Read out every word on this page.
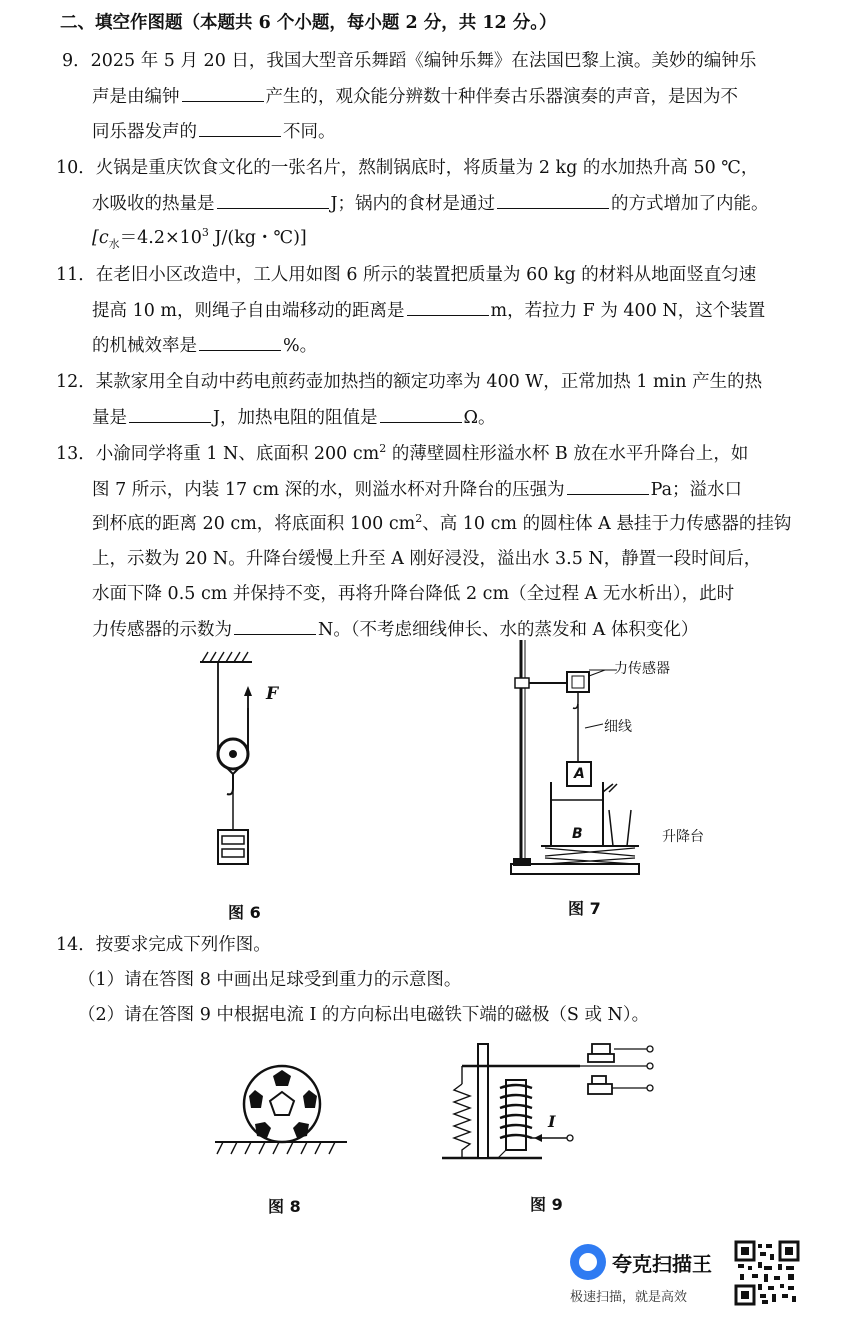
二、填空作图题（本题共 6 个小题，每小题 2 分，共 12 分。）
9．2025 年 5 月 20 日，我国大型音乐舞蹈《编钟乐舞》在法国巴黎上演。美妙的编钟乐
声是由编钟	产生的，观众能分辨数十种伴奏古乐器演奏的声音，是因为不
同乐器发声的	不同。
10．火锅是重庆饮食文化的一张名片，熬制锅底时，将质量为 2 kg 的水加热升高 50 ℃，
水吸收的热量是	J；锅内的食材是通过	的方式增加了内能。
[$c_水=4.2\times 10^3$ J/(kg・℃)]
11．在老旧小区改造中，工人用如图 6 所示的装置把质量为 60 kg 的材料从地面竖直匀速
提高 10 m，则绳子自由端移动的距离是	m，若拉力 F 为 400 N，这个装置
的机械效率是	%。
12．某款家用全自动中药电煎药壶加热挡的额定功率为 400 W，正常加热 1 min 产生的热
量是	J，加热电阻的阻值是	Ω。
13．小渝同学将重 1 N、底面积 200 $cm^2$ 的薄壁圆柱形溢水杯 B 放在水平升降台上，如
图 7 所示，内装 17 cm 深的水，则溢水杯对升降台的压强为	Pa；溢水口
到杯底的距离 20 cm，将底面积 100 $cm^2$、高 10 cm 的圆柱体 A 悬挂于力传感器的挂钩
上，示数为 20 N。升降台缓慢上升至 A 刚好浸没，溢出水 3.5 N，静置一段时间后，
水面下降 0.5 cm 并保持不变，再将升降台降低 2 cm（全过程 A 无水析出），此时
力传感器的示数为	N。（不考虑细线伸长、水的蒸发和 A 体积变化）
F
图 6
力传感器
细线
升降台
A
B
图 7
14．按要求完成下列作图。
（1）请在答图 8 中画出足球受到重力的示意图。
（2）请在答图 9 中根据电流 I 的方向标出电磁铁下端的磁极（S 或 N）。
图 8
I
图 9
夸克扫描王
极速扫描，就是高效
